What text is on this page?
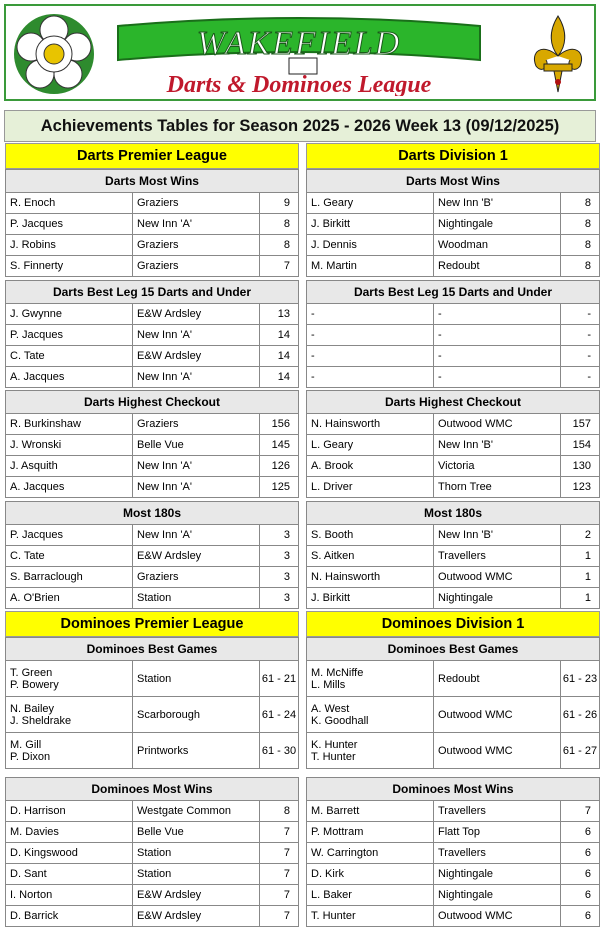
WAKEFIELD
Darts & Dominoes League
Achievements Tables for Season 2025 - 2026 Week 13 (09/12/2025)
Darts Premier League
Darts Most Wins
R. Enoch	Graziers	9
P. Jacques	New Inn 'A'	8
J. Robins	Graziers	8
S. Finnerty	Graziers	7
Darts Best Leg 15 Darts and Under
J. Gwynne	E&W Ardsley	13
P. Jacques	New Inn 'A'	14
C. Tate	E&W Ardsley	14
A. Jacques	New Inn 'A'	14
Darts Highest Checkout
R. Burkinshaw	Graziers	156
J. Wronski	Belle Vue	145
J. Asquith	New Inn 'A'	126
A. Jacques	New Inn 'A'	125
Most 180s
P. Jacques	New Inn 'A'	3
C. Tate	E&W Ardsley	3
S. Barraclough	Graziers	3
A. O'Brien	Station	3
Dominoes Premier League
Dominoes Best Games
T. Green
P. Bowery	Station	61 - 21
N. Bailey
J. Sheldrake	Scarborough	61 - 24
M. Gill
P. Dixon	Printworks	61 - 30
Dominoes Most Wins
D. Harrison	Westgate Common	8
M. Davies	Belle Vue	7
D. Kingswood	Station	7
D. Sant	Station	7
I. Norton	E&W Ardsley	7
D. Barrick	E&W Ardsley	7
Darts Division 1
Darts Most Wins
L. Geary	New Inn 'B'	8
J. Birkitt	Nightingale	8
J. Dennis	Woodman	8
M. Martin	Redoubt	8
Darts Best Leg 15 Darts and Under
-	-	-
-	-	-
-	-	-
-	-	-
Darts Highest Checkout
N. Hainsworth	Outwood WMC	157
L. Geary	New Inn 'B'	154
A. Brook	Victoria	130
L. Driver	Thorn Tree	123
Most 180s
S. Booth	New Inn 'B'	2
S. Aitken	Travellers	1
N. Hainsworth	Outwood WMC	1
J. Birkitt	Nightingale	1
Dominoes Division 1
Dominoes Best Games
M. McNiffe
L. Mills	Redoubt	61 - 23
A. West
K. Goodhall	Outwood WMC	61 - 26
K. Hunter
T. Hunter	Outwood WMC	61 - 27
Dominoes Most Wins
M. Barrett	Travellers	7
P. Mottram	Flatt Top	6
W. Carrington	Travellers	6
D. Kirk	Nightingale	6
L. Baker	Nightingale	6
T. Hunter	Outwood WMC	6
